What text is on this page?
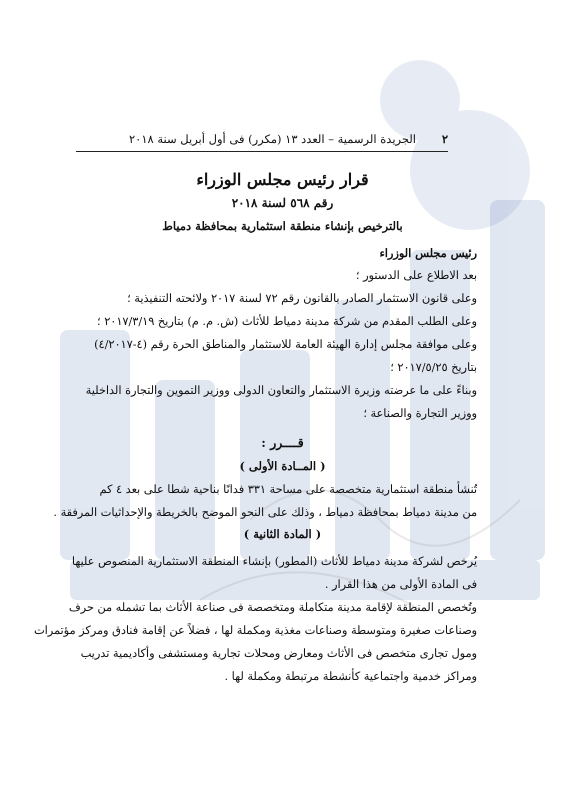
٢
الجريدة الرسمية – العدد ١٣ (مكرر) فى أول أبريل سنة ٢٠١٨
قرار رئيس مجلس الوزراء
رقم ٥٦٨ لسنة ٢٠١٨
بالترخيص بإنشاء منطقة استثمارية بمحافظة دمياط
رئيس مجلس الوزراء
بعد الاطلاع على الدستور ؛
وعلى قانون الاستثمار الصادر بالقانون رقم ٧٢ لسنة ٢٠١٧ ولائحته التنفيذية ؛
وعلى الطلب المقدم من شركة مدينة دمياط للأثاث (ش. م. م) بتاريخ ٢٠١٧/٣/١٩ ؛
وعلى موافقة مجلس إدارة الهيئة العامة للاستثمار والمناطق الحرة رقم (٤-٤/٢٠١٧)
بتاريخ ٢٠١٧/٥/٢٥ ؛
وبناءً على ما عرضته وزيرة الاستثمار والتعاون الدولى ووزير التموين والتجارة الداخلية
ووزير التجارة والصناعة ؛
قــــرر :
( المــادة الأولى )
تُنشأ منطقة استثمارية متخصصة على مساحة ٣٣١ فدانًا بناحية شطا على بعد ٤ كم
من مدينة دمياط بمحافظة دمياط ، وذلك على النحو الموضح بالخريطة والإحداثيات المرفقة .
( المادة الثانية )
يُرخص لشركة مدينة دمياط للأثاث (المطور) بإنشاء المنطقة الاستثمارية المنصوص عليها
فى المادة الأولى من هذا القرار .
وتُخصص المنطقة لإقامة مدينة متكاملة ومتخصصة فى صناعة الأثاث بما تشمله من حرف
وصناعات صغيرة ومتوسطة وصناعات مغذية ومكملة لها ، فضلاً عن إقامة فنادق ومركز مؤتمرات
ومول تجارى متخصص فى الأثاث ومعارض ومحلات تجارية ومستشفى وأكاديمية تدريب
ومراكز خدمية واجتماعية كأنشطة مرتبطة ومكملة لها .
